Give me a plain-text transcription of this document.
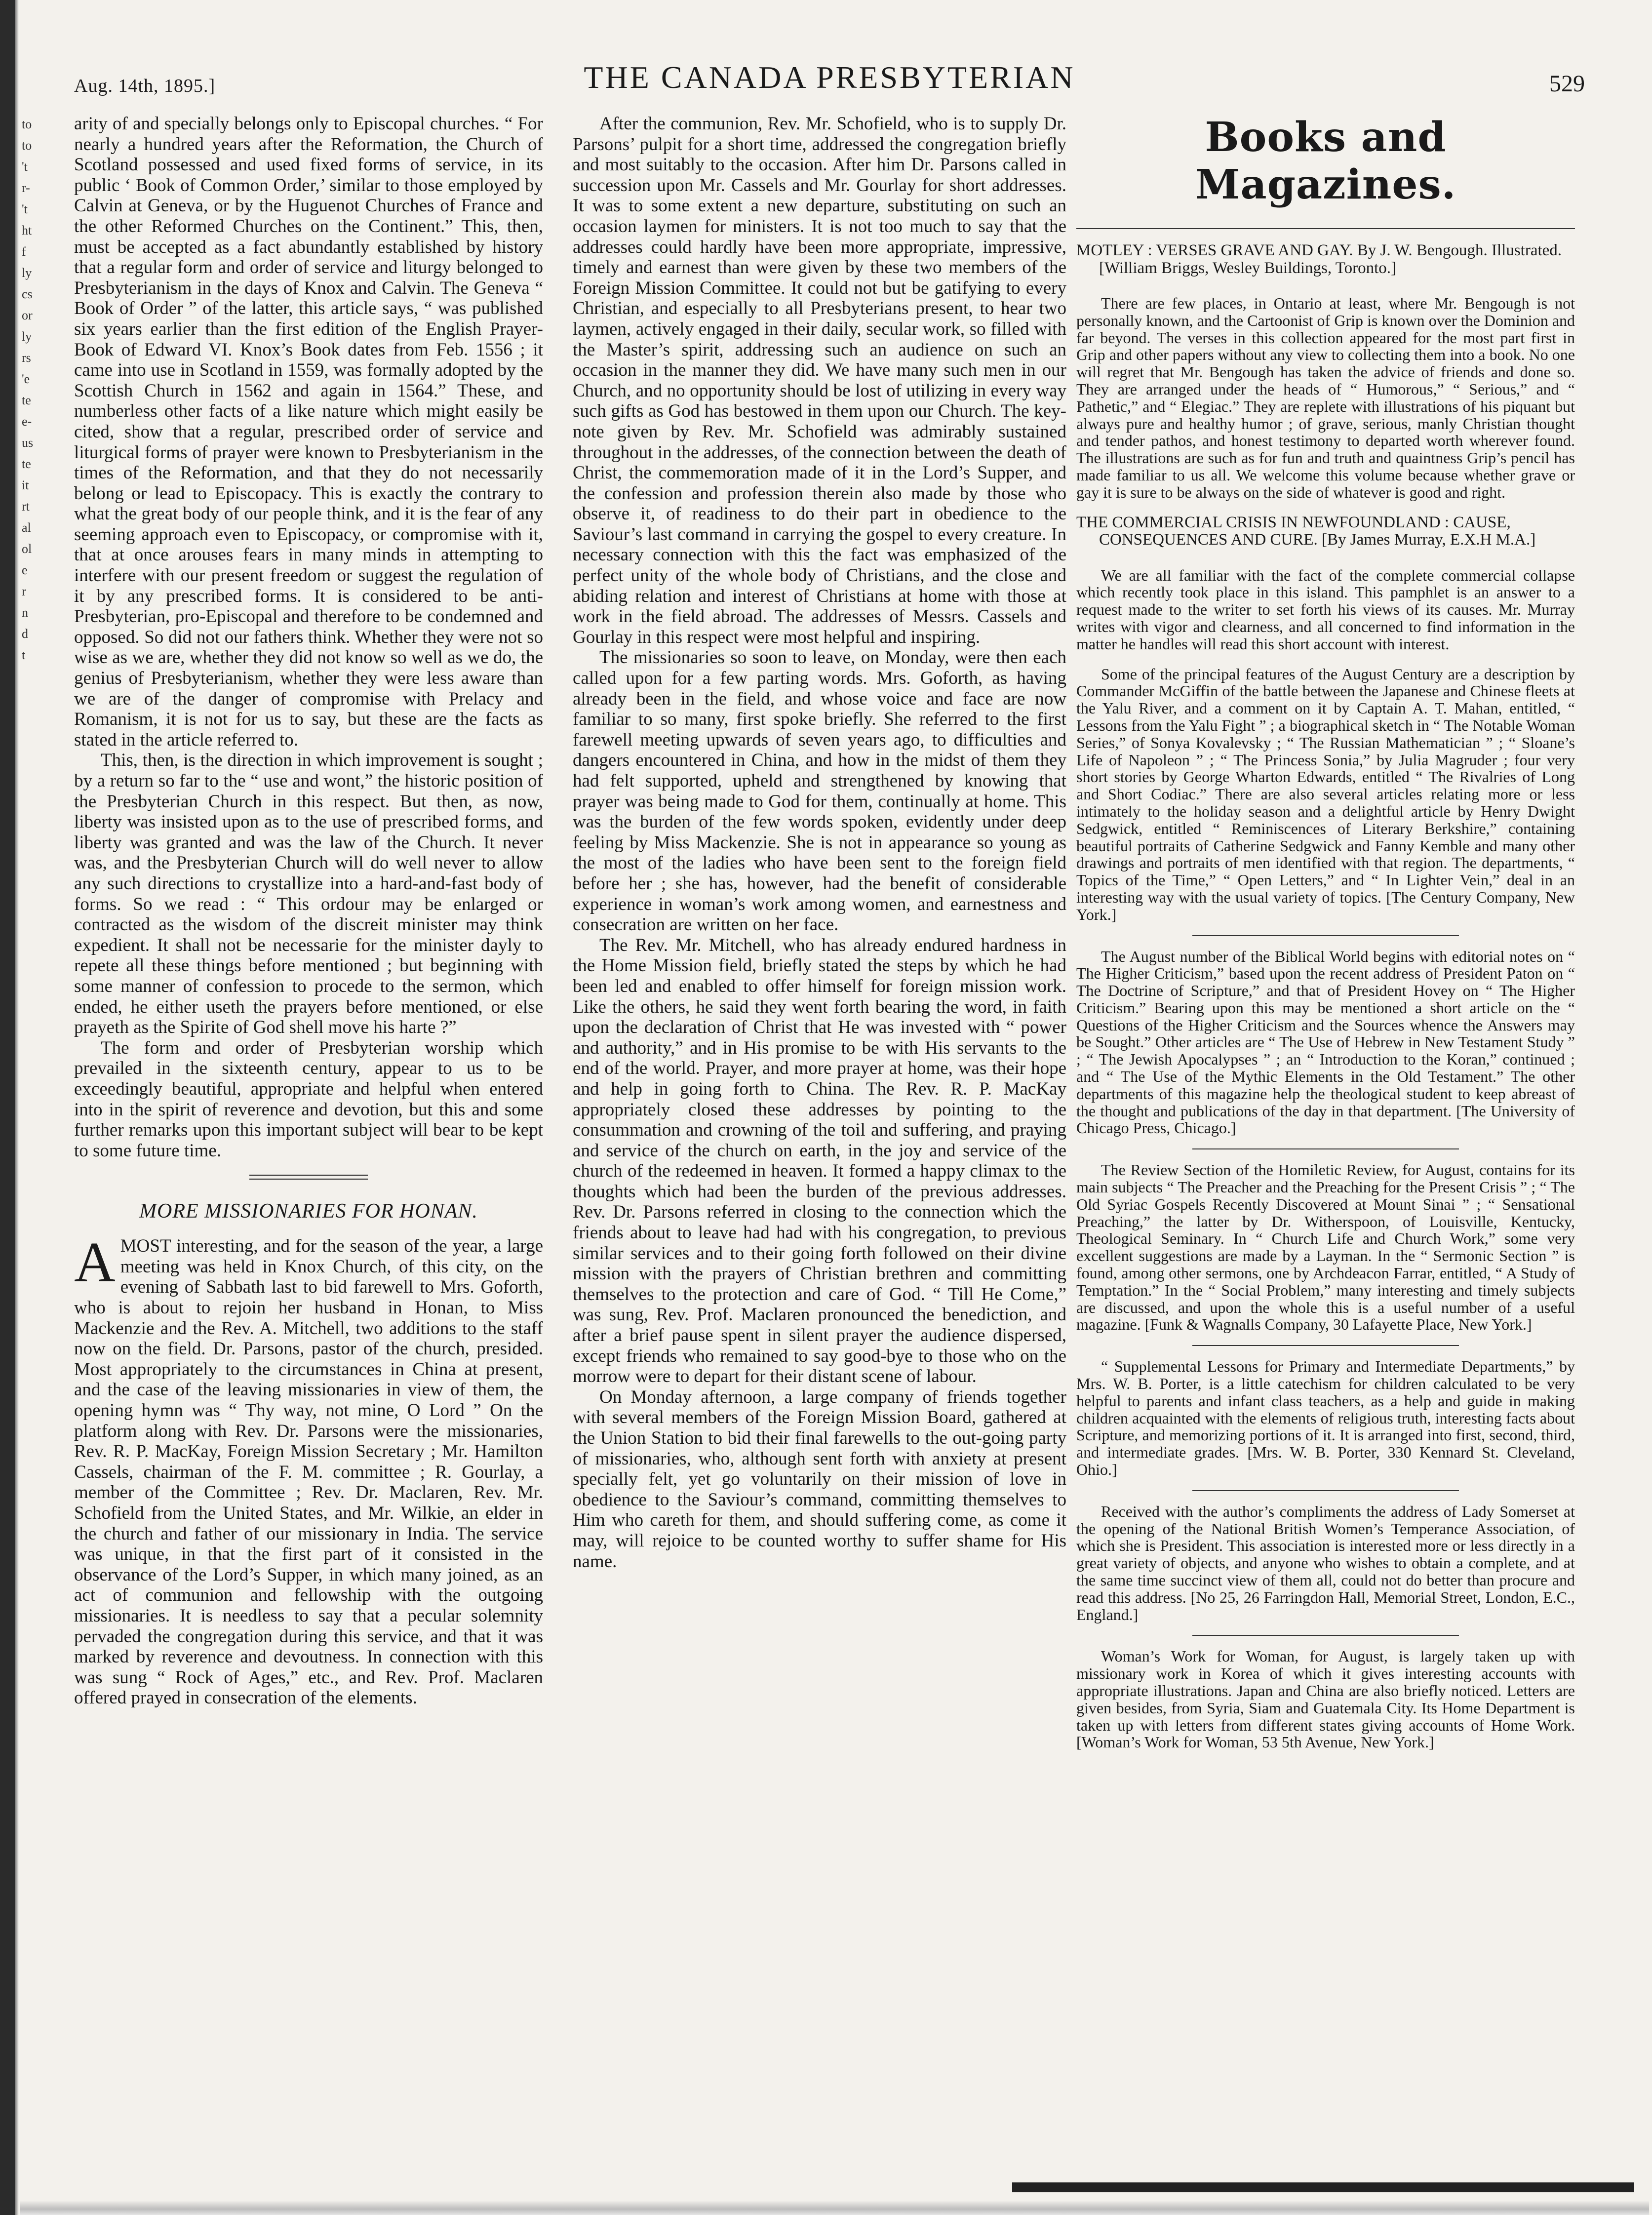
to
to
't
r-
't
ht
f
ly
cs
or
ly
rs
'e
te
e-
us
te
it
rt
al
ol
e
r
n
d
t
Aug. 14th, 1895.]	THE CANADA PRESBYTERIAN	529

arity of and specially belongs only to Episcopal churches. “ For nearly a hundred years after the Reformation, the Church of Scotland possessed and used fixed forms of service, in its public ‘ Book of Common Order,’ similar to those employed by Calvin at Geneva, or by the Huguenot Churches of France and the other Reformed Churches on the Continent.” This, then, must be accepted as a fact abundantly established by history that a regular form and order of service and liturgy belonged to Presbyterianism in the days of Knox and Calvin. The Geneva “ Book of Order ” of the latter, this article says, “ was published six years earlier than the first edition of the English Prayer-Book of Edward VI. Knox’s Book dates from Feb. 1556 ; it came into use in Scotland in 1559, was formally adopted by the Scottish Church in 1562 and again in 1564.” These, and numberless other facts of a like nature which might easily be cited, show that a regular, prescribed order of service and liturgical forms of prayer were known to Presbyterianism in the times of the Reformation, and that they do not necessarily belong or lead to Episcopacy. This is exactly the contrary to what the great body of our people think, and it is the fear of any seeming approach even to Episcopacy, or compromise with it, that at once arouses fears in many minds in attempting to interfere with our present freedom or suggest the regulation of it by any prescribed forms. It is considered to be anti-Presbyterian, pro-Episcopal and therefore to be condemned and opposed. So did not our fathers think. Whether they were not so wise as we are, whether they did not know so well as we do, the genius of Presbyterianism, whether they were less aware than we are of the danger of compromise with Prelacy and Romanism, it is not for us to say, but these are the facts as stated in the article referred to.

This, then, is the direction in which improvement is sought ; by a return so far to the “ use and wont,” the historic position of the Presbyterian Church in this respect. But then, as now, liberty was insisted upon as to the use of prescribed forms, and liberty was granted and was the law of the Church. It never was, and the Presbyterian Church will do well never to allow any such directions to crystallize into a hard-and-fast body of forms. So we read : “ This ordour may be enlarged or contracted as the wisdom of the discreit minister may think expedient. It shall not be necessarie for the minister dayly to repete all these things before mentioned ; but beginning with some manner of confession to procede to the sermon, which ended, he either useth the prayers before mentioned, or else prayeth as the Spirite of God shell move his harte ?”

The form and order of Presbyterian worship which prevailed in the sixteenth century, appear to us to be exceedingly beautiful, appropriate and helpful when entered into in the spirit of reverence and devotion, but this and some further remarks upon this important subject will bear to be kept to some future time.

MORE MISSIONARIES FOR HONAN.

AMOST interesting, and for the season of the year, a large meeting was held in Knox Church, of this city, on the evening of Sabbath last to bid farewell to Mrs. Goforth, who is about to rejoin her husband in Honan, to Miss Mackenzie and the Rev. A. Mitchell, two additions to the staff now on the field. Dr. Parsons, pastor of the church, presided. Most appropriately to the circumstances in China at present, and the case of the leaving missionaries in view of them, the opening hymn was “ Thy way, not mine, O Lord ” On the platform along with Rev. Dr. Parsons were the missionaries, Rev. R. P. MacKay, Foreign Mission Secretary ; Mr. Hamilton Cassels, chairman of the F. M. committee ; R. Gourlay, a member of the Committee ; Rev. Dr. Maclaren, Rev. Mr. Schofield from the United States, and Mr. Wilkie, an elder in the church and father of our missionary in India. The service was unique, in that the first part of it consisted in the observance of the Lord’s Supper, in which many joined, as an act of communion and fellowship with the outgoing missionaries. It is needless to say that a pecular solemnity pervaded the congregation during this service, and that it was marked by reverence and devoutness. In connection with this was sung “ Rock of Ages,” etc., and Rev. Prof. Maclaren offered prayed in consecration of the elements.

After the communion, Rev. Mr. Schofield, who is to supply Dr. Parsons’ pulpit for a short time, addressed the congregation briefly and most suitably to the occasion. After him Dr. Parsons called in succession upon Mr. Cassels and Mr. Gourlay for short addresses. It was to some extent a new departure, substituting on such an occasion laymen for ministers. It is not too much to say that the addresses could hardly have been more appropriate, impressive, timely and earnest than were given by these two members of the Foreign Mission Committee. It could not but be gatifying to every Christian, and especially to all Presbyterians present, to hear two laymen, actively engaged in their daily, secular work, so filled with the Master’s spirit, addressing such an audience on such an occasion in the manner they did. We have many such men in our Church, and no opportunity should be lost of utilizing in every way such gifts as God has bestowed in them upon our Church. The key-note given by Rev. Mr. Schofield was admirably sustained throughout in the addresses, of the connection between the death of Christ, the commemoration made of it in the Lord’s Supper, and the confession and profession therein also made by those who observe it, of readiness to do their part in obedience to the Saviour’s last command in carrying the gospel to every creature. In necessary connection with this the fact was emphasized of the perfect unity of the whole body of Christians, and the close and abiding relation and interest of Christians at home with those at work in the field abroad. The addresses of Messrs. Cassels and Gourlay in this respect were most helpful and inspiring.

The missionaries so soon to leave, on Monday, were then each called upon for a few parting words. Mrs. Goforth, as having already been in the field, and whose voice and face are now familiar to so many, first spoke briefly. She referred to the first farewell meeting upwards of seven years ago, to difficulties and dangers encountered in China, and how in the midst of them they had felt supported, upheld and strengthened by knowing that prayer was being made to God for them, continually at home. This was the burden of the few words spoken, evidently under deep feeling by Miss Mackenzie. She is not in appearance so young as the most of the ladies who have been sent to the foreign field before her ; she has, however, had the benefit of considerable experience in woman’s work among women, and earnestness and consecration are written on her face.

The Rev. Mr. Mitchell, who has already endured hardness in the Home Mission field, briefly stated the steps by which he had been led and enabled to offer himself for foreign mission work. Like the others, he said they went forth bearing the word, in faith upon the declaration of Christ that He was invested with “ power and authority,” and in His promise to be with His servants to the end of the world. Prayer, and more prayer at home, was their hope and help in going forth to China. The Rev. R. P. MacKay appropriately closed these addresses by pointing to the consummation and crowning of the toil and suffering, and praying and service of the church on earth, in the joy and service of the church of the redeemed in heaven. It formed a happy climax to the thoughts which had been the burden of the previous addresses. Rev. Dr. Parsons referred in closing to the connection which the friends about to leave had had with his congregation, to previous similar services and to their going forth followed on their divine mission with the prayers of Christian brethren and committing themselves to the protection and care of God. “ Till He Come,” was sung, Rev. Prof. Maclaren pronounced the benediction, and after a brief pause spent in silent prayer the audience dispersed, except friends who remained to say good-bye to those who on the morrow were to depart for their distant scene of labour.

On Monday afternoon, a large company of friends together with several members of the Foreign Mission Board, gathered at the Union Station to bid their final farewells to the out-going party of missionaries, who, although sent forth with anxiety at present specially felt, yet go voluntarily on their mission of love in obedience to the Saviour’s command, committing themselves to Him who careth for them, and should suffering come, as come it may, will rejoice to be counted worthy to suffer shame for His name.

Books and Magazines.
MOTLEY : VERSES GRAVE AND GAY. By J. W. Bengough. Illustrated. [William Briggs, Wesley Buildings, Toronto.]

There are few places, in Ontario at least, where Mr. Bengough is not personally known, and the Cartoonist of Grip is known over the Dominion and far beyond. The verses in this collection appeared for the most part first in Grip and other papers without any view to collecting them into a book. No one will regret that Mr. Bengough has taken the advice of friends and done so. They are arranged under the heads of “ Humorous,” “ Serious,” and “ Pathetic,” and “ Elegiac.” They are replete with illustrations of his piquant but always pure and healthy humor ; of grave, serious, manly Christian thought and tender pathos, and honest testimony to departed worth wherever found. The illustrations are such as for fun and truth and quaintness Grip’s pencil has made familiar to us all. We welcome this volume because whether grave or gay it is sure to be always on the side of whatever is good and right.

THE COMMERCIAL CRISIS IN NEWFOUNDLAND : CAUSE, CONSEQUENCES AND CURE. [By James Murray, E.X.H M.A.]

We are all familiar with the fact of the complete commercial collapse which recently took place in this island. This pamphlet is an answer to a request made to the writer to set forth his views of its causes. Mr. Murray writes with vigor and clearness, and all concerned to find information in the matter he handles will read this short account with interest.

Some of the principal features of the August Century are a description by Commander McGiffin of the battle between the Japanese and Chinese fleets at the Yalu River, and a comment on it by Captain A. T. Mahan, entitled, “ Lessons from the Yalu Fight ” ; a biographical sketch in “ The Notable Woman Series,” of Sonya Kovalevsky ; “ The Russian Mathematician ” ; “ Sloane’s Life of Napoleon ” ; “ The Princess Sonia,” by Julia Magruder ; four very short stories by George Wharton Edwards, entitled “ The Rivalries of Long and Short Codiac.” There are also several articles relating more or less intimately to the holiday season and a delightful article by Henry Dwight Sedgwick, entitled “ Reminiscences of Literary Berkshire,” containing beautiful portraits of Catherine Sedgwick and Fanny Kemble and many other drawings and portraits of men identified with that region. The departments, “ Topics of the Time,” “ Open Letters,” and “ In Lighter Vein,” deal in an interesting way with the usual variety of topics. [The Century Company, New York.]

The August number of the Biblical World begins with editorial notes on “ The Higher Criticism,” based upon the recent address of President Paton on “ The Doctrine of Scripture,” and that of President Hovey on “ The Higher Criticism.” Bearing upon this may be mentioned a short article on the “ Questions of the Higher Criticism and the Sources whence the Answers may be Sought.” Other articles are “ The Use of Hebrew in New Testament Study ” ; “ The Jewish Apocalypses ” ; an “ Introduction to the Koran,” continued ; and “ The Use of the Mythic Elements in the Old Testament.” The other departments of this magazine help the theological student to keep abreast of the thought and publications of the day in that department. [The University of Chicago Press, Chicago.]

The Review Section of the Homiletic Review, for August, contains for its main subjects “ The Preacher and the Preaching for the Present Crisis ” ; “ The Old Syriac Gospels Recently Discovered at Mount Sinai ” ; “ Sensational Preaching,” the latter by Dr. Witherspoon, of Louisville, Kentucky, Theological Seminary. In “ Church Life and Church Work,” some very excellent suggestions are made by a Layman. In the “ Sermonic Section ” is found, among other sermons, one by Archdeacon Farrar, entitled, “ A Study of Temptation.” In the “ Social Problem,” many interesting and timely subjects are discussed, and upon the whole this is a useful number of a useful magazine. [Funk & Wagnalls Company, 30 Lafayette Place, New York.]

“ Supplemental Lessons for Primary and Intermediate Departments,” by Mrs. W. B. Porter, is a little catechism for children calculated to be very helpful to parents and infant class teachers, as a help and guide in making children acquainted with the elements of religious truth, interesting facts about Scripture, and memorizing portions of it. It is arranged into first, second, third, and intermediate grades. [Mrs. W. B. Porter, 330 Kennard St. Cleveland, Ohio.]

Received with the author’s compliments the address of Lady Somerset at the opening of the National British Women’s Temperance Association, of which she is President. This association is interested more or less directly in a great variety of objects, and anyone who wishes to obtain a complete, and at the same time succinct view of them all, could not do better than procure and read this address. [No 25, 26 Farringdon Hall, Memorial Street, London, E.C., England.]

Woman’s Work for Woman, for August, is largely taken up with missionary work in Korea of which it gives interesting accounts with appropriate illustrations. Japan and China are also briefly noticed. Letters are given besides, from Syria, Siam and Guatemala City. Its Home Department is taken up with letters from different states giving accounts of Home Work. [Woman’s Work for Woman, 53 5th Avenue, New York.]
